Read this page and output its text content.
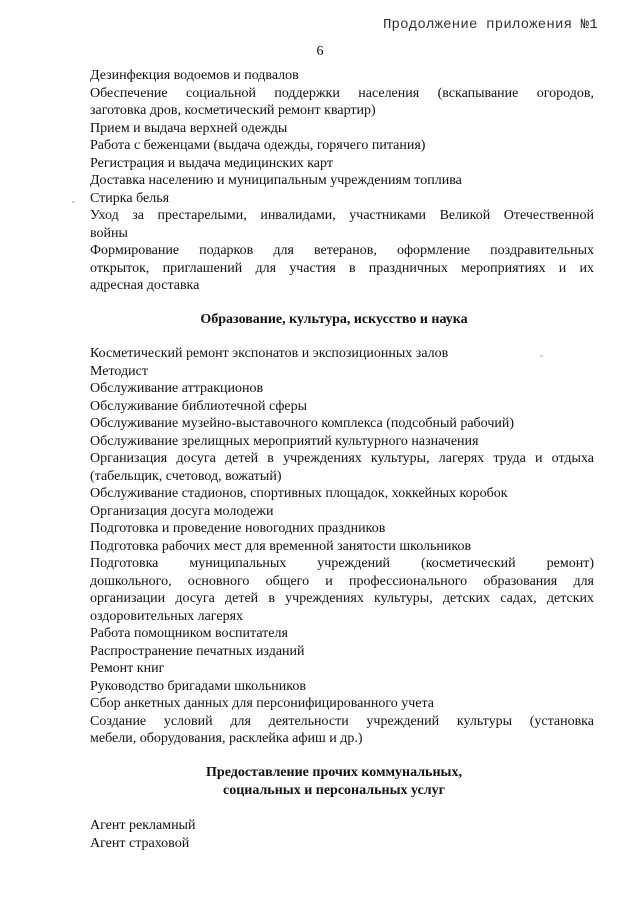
Продолжение приложения №1
6

Дезинфекция водоемов и подвалов

Обеспечение социальной поддержки населения (вскапывание огородов,

заготовка дров, косметический ремонт квартир)

Прием и выдача верхней одежды

Работа с беженцами (выдача одежды, горячего питания)

Регистрация и выдача медицинских карт

Доставка населению и муниципальным учреждениям топлива

Стирка белья

Уход за престарелыми, инвалидами, участниками Великой Отечественной

войны

Формирование подарков для ветеранов, оформление поздравительных

открыток, приглашений для участия в праздничных мероприятиях и их

адресная доставка

Образование, культура, искусство и наука

Косметический ремонт экспонатов и экспозиционных залов

Методист

Обслуживание аттракционов

Обслуживание библиотечной сферы

Обслуживание музейно-выставочного комплекса (подсобный рабочий)

Обслуживание зрелищных мероприятий культурного назначения

Организация досуга детей в учреждениях культуры, лагерях труда и отдыха

(табельщик, счетовод, вожатый)

Обслуживание стадионов, спортивных площадок, хоккейных коробок

Организация досуга молодежи

Подготовка и проведение новогодних праздников

Подготовка рабочих мест для временной занятости школьников

Подготовка муниципальных учреждений (косметический ремонт)

дошкольного, основного общего и профессионального образования для

организации досуга детей в учреждениях культуры, детских садах, детских

оздоровительных лагерях

Работа помощником воспитателя

Распространение печатных изданий

Ремонт книг

Руководство бригадами школьников

Сбор анкетных данных для персонифицированного учета

Создание условий для деятельности учреждений культуры (установка

мебели, оборудования, расклейка афиш и др.)

Предоставление прочих коммунальных,
социальных и персональных услуг

Агент рекламный

Агент страховой
